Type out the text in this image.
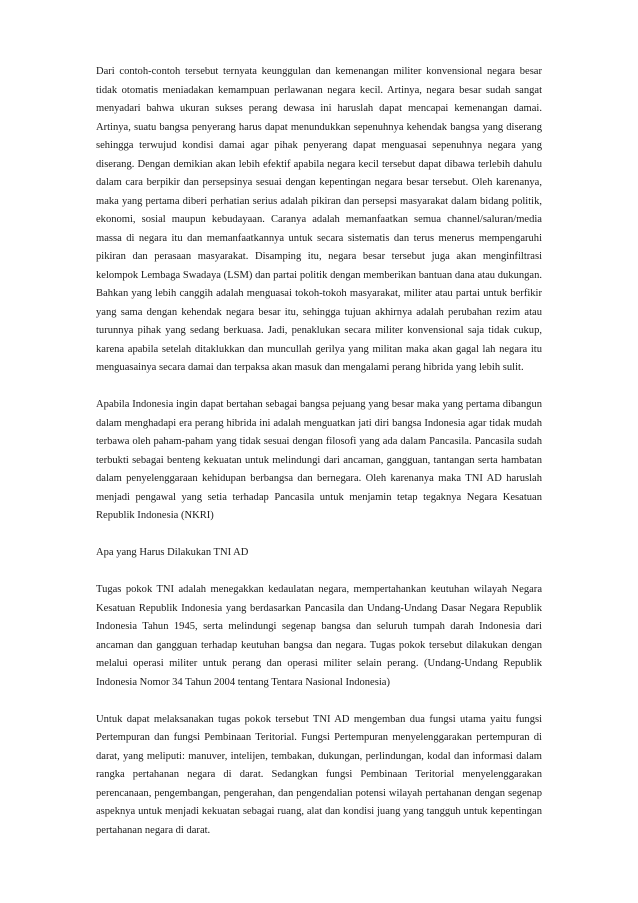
Dari contoh-contoh tersebut ternyata keunggulan dan kemenangan militer konvensional negara besar tidak otomatis meniadakan kemampuan perlawanan negara kecil. Artinya, negara besar sudah sangat menyadari bahwa ukuran sukses perang dewasa ini haruslah dapat mencapai kemenangan damai. Artinya, suatu bangsa penyerang harus dapat menundukkan sepenuhnya kehendak bangsa yang diserang sehingga terwujud kondisi damai agar pihak penyerang dapat menguasai sepenuhnya negara yang diserang. Dengan demikian akan lebih efektif apabila negara kecil tersebut dapat dibawa terlebih dahulu dalam cara berpikir dan persepsinya sesuai dengan kepentingan negara besar tersebut. Oleh karenanya, maka yang pertama diberi perhatian serius adalah pikiran dan persepsi masyarakat dalam bidang politik, ekonomi, sosial maupun kebudayaan. Caranya adalah memanfaatkan semua channel/saluran/media massa di negara itu dan memanfaatkannya untuk secara sistematis dan terus menerus mempengaruhi pikiran dan perasaan masyarakat. Disamping itu, negara besar tersebut juga akan menginfiltrasi kelompok Lembaga Swadaya (LSM) dan partai politik dengan memberikan bantuan dana atau dukungan. Bahkan yang lebih canggih adalah menguasai tokoh-tokoh masyarakat, militer atau partai untuk berfikir yang sama dengan kehendak negara besar itu, sehingga tujuan akhirnya adalah perubahan rezim atau turunnya pihak yang sedang berkuasa. Jadi, penaklukan secara militer konvensional saja tidak cukup, karena apabila setelah ditaklukkan dan muncullah gerilya yang militan maka akan gagal lah negara itu menguasainya secara damai dan terpaksa akan masuk dan mengalami perang hibrida yang lebih sulit.

Apabila Indonesia ingin dapat bertahan sebagai bangsa pejuang yang besar maka yang pertama dibangun dalam menghadapi era perang hibrida ini adalah menguatkan jati diri bangsa Indonesia agar tidak mudah terbawa oleh paham-paham yang tidak sesuai dengan filosofi yang ada dalam Pancasila. Pancasila sudah terbukti sebagai benteng kekuatan untuk melindungi dari ancaman, gangguan, tantangan serta hambatan dalam penyelenggaraan kehidupan berbangsa dan bernegara. Oleh karenanya maka TNI AD haruslah menjadi pengawal yang setia terhadap Pancasila untuk menjamin tetap tegaknya Negara Kesatuan Republik Indonesia (NKRI)

Apa yang Harus Dilakukan TNI AD

Tugas pokok TNI adalah menegakkan kedaulatan negara, mempertahankan keutuhan wilayah Negara Kesatuan Republik Indonesia yang berdasarkan Pancasila dan Undang-Undang Dasar Negara Republik Indonesia Tahun 1945, serta melindungi segenap bangsa dan seluruh tumpah darah Indonesia dari ancaman dan gangguan terhadap keutuhan bangsa dan negara. Tugas pokok tersebut dilakukan dengan melalui operasi militer untuk perang dan operasi militer selain perang. (Undang-Undang Republik Indonesia Nomor 34 Tahun 2004 tentang Tentara Nasional Indonesia)

Untuk dapat melaksanakan tugas pokok tersebut TNI AD mengemban dua fungsi utama yaitu fungsi Pertempuran dan fungsi Pembinaan Teritorial. Fungsi Pertempuran menyelenggarakan pertempuran di darat, yang meliputi: manuver, intelijen, tembakan, dukungan, perlindungan, kodal dan informasi dalam rangka pertahanan negara di darat. Sedangkan fungsi Pembinaan Teritorial menyelenggarakan perencanaan, pengembangan, pengerahan, dan pengendalian potensi wilayah pertahanan dengan segenap aspeknya untuk menjadi kekuatan sebagai ruang, alat dan kondisi juang yang tangguh untuk kepentingan pertahanan negara di darat.
